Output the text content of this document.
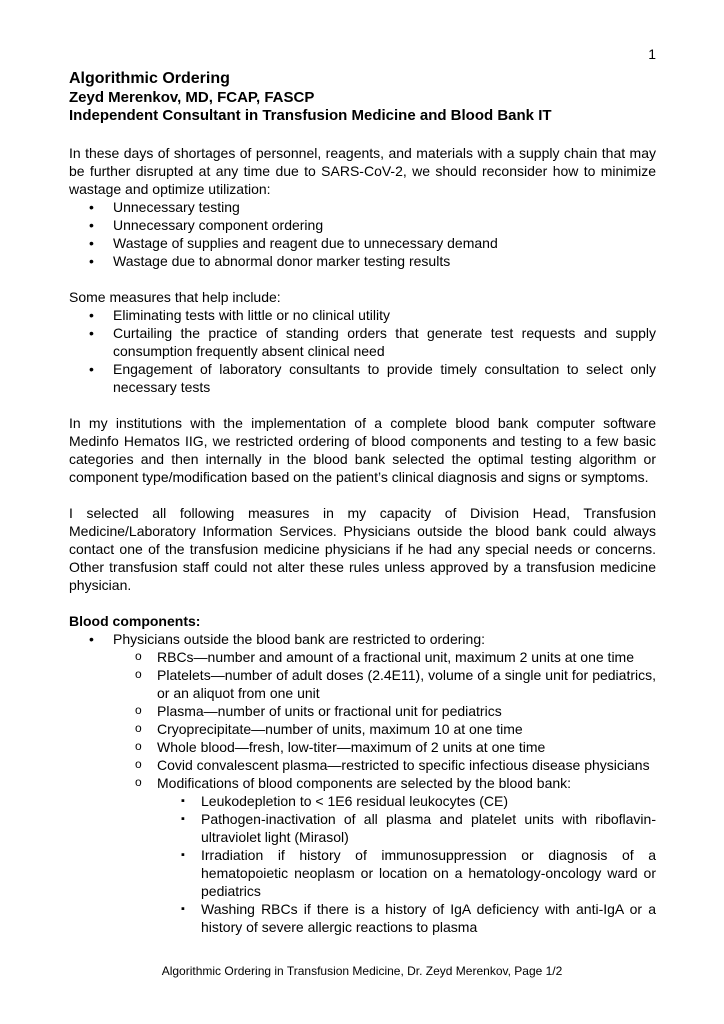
1
Algorithmic Ordering
Zeyd Merenkov, MD, FCAP, FASCP
Independent Consultant in Transfusion Medicine and Blood Bank IT

In these days of shortages of personnel, reagents, and materials with a supply chain that may be further disrupted at any time due to SARS-CoV-2, we should reconsider how to minimize wastage and optimize utilization:

• Unnecessary testing
• Unnecessary component ordering
• Wastage of supplies and reagent due to unnecessary demand
• Wastage due to abnormal donor marker testing results

Some measures that help include:

• Eliminating tests with little or no clinical utility
• Curtailing the practice of standing orders that generate test requests and supply consumption frequently absent clinical need
• Engagement of laboratory consultants to provide timely consultation to select only necessary tests

In my institutions with the implementation of a complete blood bank computer software Medinfo Hematos IIG, we restricted ordering of blood components and testing to a few basic categories and then internally in the blood bank selected the optimal testing algorithm or component type/modification based on the patient’s clinical diagnosis and signs or symptoms.

I selected all following measures in my capacity of Division Head, Transfusion Medicine/Laboratory Information Services. Physicians outside the blood bank could always contact one of the transfusion medicine physicians if he had any special needs or concerns. Other transfusion staff could not alter these rules unless approved by a transfusion medicine physician.

Blood components:
• Physicians outside the blood bank are restricted to ordering:
o RBCs—number and amount of a fractional unit, maximum 2 units at one time
o Platelets—number of adult doses (2.4E11), volume of a single unit for pediatrics, or an aliquot from one unit
o Plasma—number of units or fractional unit for pediatrics
o Cryoprecipitate—number of units, maximum 10 at one time
o Whole blood—fresh, low-titer—maximum of 2 units at one time
o Covid convalescent plasma—restricted to specific infectious disease physicians
o Modifications of blood components are selected by the blood bank:
▪ Leukodepletion to < 1E6 residual leukocytes (CE)
▪ Pathogen-inactivation of all plasma and platelet units with riboflavin-ultraviolet light (Mirasol)
▪ Irradiation if history of immunosuppression or diagnosis of a hematopoietic neoplasm or location on a hematology-oncology ward or pediatrics
▪ Washing RBCs if there is a history of IgA deficiency with anti-IgA or a history of severe allergic reactions to plasma
Algorithmic Ordering in Transfusion Medicine, Dr. Zeyd Merenkov, Page 1/2
